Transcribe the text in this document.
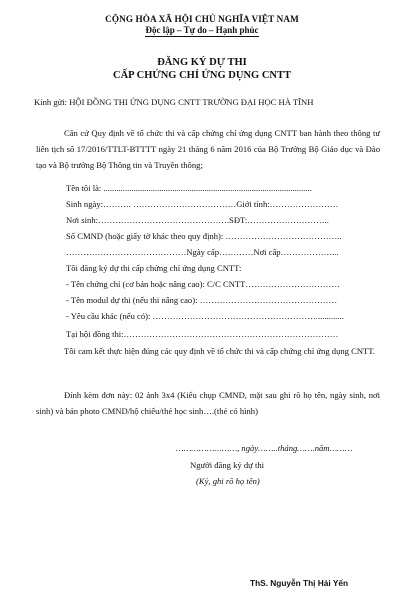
CỘNG HÒA XÃ HỘI CHỦ NGHĨA VIỆT NAM
Độc lập – Tự do – Hạnh phúc
ĐĂNG KÝ DỰ THI
CẤP CHỨNG CHỈ ỨNG DỤNG CNTT
Kính gửi: HỘI ĐỒNG THI ỨNG DỤNG CNTT TRƯỜNG ĐẠI HỌC HÀ TĨNH
Căn cứ Quy định về tổ chức thi và cấp chứng chỉ ứng dụng CNTT ban hành theo thông tư liên tịch số 17/2016/TTLT-BTTTT ngày 21 tháng 6 năm 2016 của Bộ Trưởng Bộ Giáo dục và Đào tạo và Bộ trưởng Bộ Thông tin và Truyền thông;
Tên tôi là: .................................................................................................
Sinh ngày:………. ………………………………Giới tính:……………………
Nơi sinh:……………………………………….SĐT:………………………..
Số CMND (hoặc giấy tờ khác theo quy định): …………………………………..
……………………………………Ngày cấp…………Nơi cấp………………...
Tôi đăng ký dự thi cấp chứng chỉ ứng dụng CNTT:
- Tên chứng chỉ (cơ bản hoặc nâng cao): C/C CNTT……………………………
- Tên modul dự thi (nếu thi nâng cao): …………………………………………
- Yêu cầu khác (nếu có): ………………………………………………….............
Tại hội đồng thi:…………………………………………………………………
Tôi cam kết thực hiện đúng các quy định về tổ chức thi và cấp chứng chỉ ứng dụng CNTT.
Đính kèm đơn này: 02 ảnh 3x4 (Kiểu chụp CMND, mặt sau ghi rõ họ tên, ngày sinh, nơi sinh) và bản photo CMND/hộ chiếu/thẻ học sinh….(thẻ có hình)
……………………, ngày……..tháng…….năm………
Người đăng ký dự thi
(Ký, ghi rõ họ tên)
ThS. Nguyễn Thị Hải Yến
